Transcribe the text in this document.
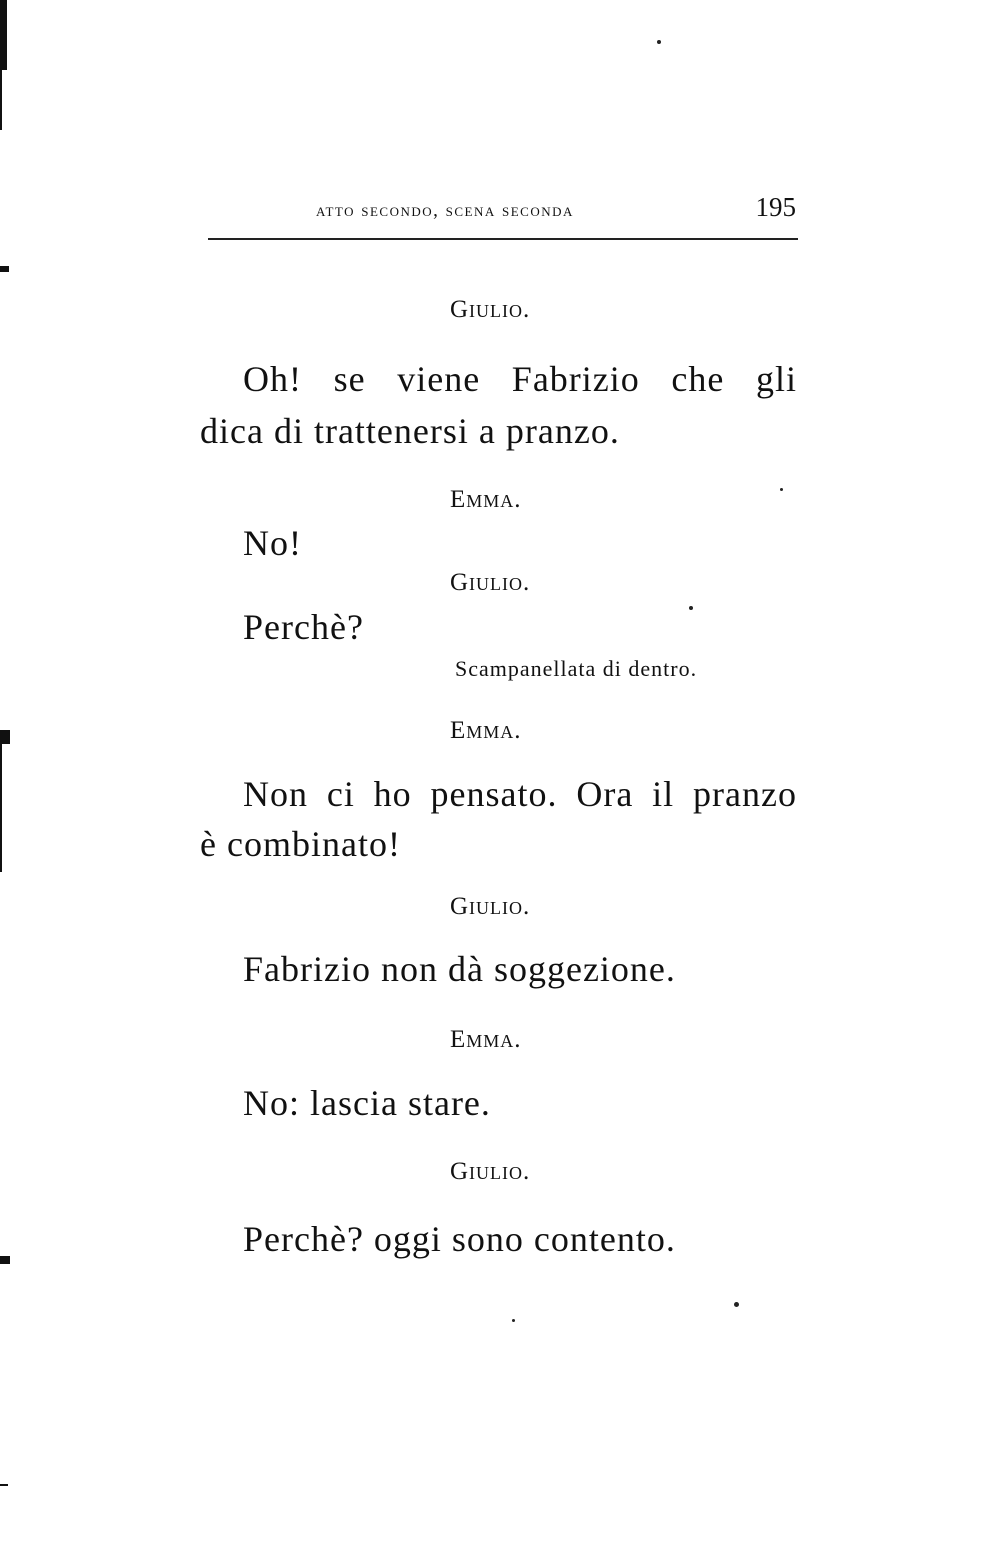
atto secondo, scena seconda	195
Giulio.
Oh! se viene Fabrizio che gli
dica di trattenersi a pranzo.
Emma.
No!
Giulio.
Perchè?
Scampanellata di dentro.
Emma.
Non ci ho pensato. Ora il pranzo
è combinato!
Giulio.
Fabrizio non dà soggezione.
Emma.
No: lascia stare.
Giulio.
Perchè? oggi sono contento.
